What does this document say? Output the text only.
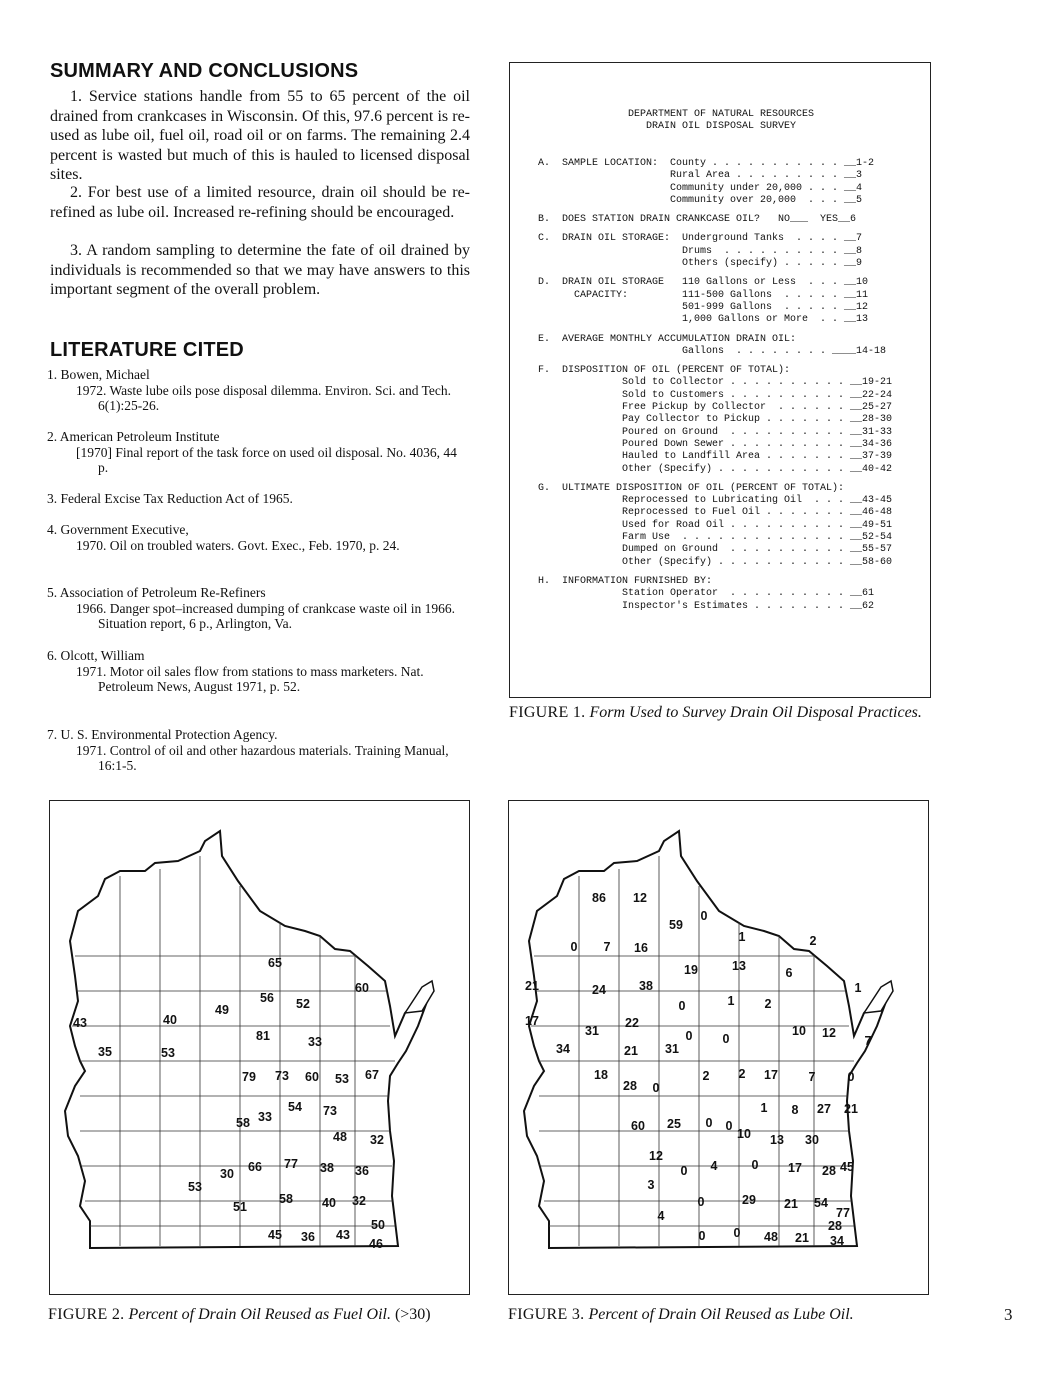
SUMMARY AND CONCLUSIONS

1. Service stations handle from 55 to 65 percent of the oil drained from crankcases in Wisconsin. Of this, 97.6 percent is re-used as lube oil, fuel oil, road oil or on farms. The remaining 2.4 percent is wasted but much of this is hauled to licensed disposal sites.

2. For best use of a limited resource, drain oil should be re-refined as lube oil. Increased re-refining should be encouraged.

3. A random sampling to determine the fate of oil drained by individuals is recommended so that we may have answers to this important segment of the overall problem.

LITERATURE CITED
1. Bowen, Michael
1972. Waste lube oils pose disposal dilemma. Environ. Sci. and Tech. 6(1):25-26.
2. American Petroleum Institute
[1970] Final report of the task force on used oil disposal. No. 4036, 44 p.
3. Federal Excise Tax Reduction Act of 1965.
4. Government Executive,
1970. Oil on troubled waters. Govt. Exec., Feb. 1970, p. 24.
5. Association of Petroleum Re-Refiners
1966. Danger spot–increased dumping of crankcase waste oil in 1966. Situation report, 6 p., Arlington, Va.
6. Olcott, William
1971. Motor oil sales flow from stations to mass marketers. Nat. Petroleum News, August 1971, p. 52.
7. U. S. Environmental Protection Agency.
1971. Control of oil and other hazardous materials. Training Manual, 16:1-5.
DEPARTMENT OF NATURAL RESOURCES
DRAIN OIL DISPOSAL SURVEY
A.  SAMPLE LOCATION:  County . . . . . . . . . . . __1-2
Rural Area . . . . . . . . . __3
Community under 20,000 . . . __4
Community over 20,000  . . . __5

B.  DOES STATION DRAIN CRANKCASE OIL?   NO___  YES__6

C.  DRAIN OIL STORAGE:  Underground Tanks  . . . . __7
Drums  . . . . . . . . . . __8
Others (specify) . . . . . __9

D.  DRAIN OIL STORAGE   110 Gallons or Less  . . . __10
CAPACITY:         111-500 Gallons  . . . . . __11
501-999 Gallons  . . . . . __12
1,000 Gallons or More  . . __13

E.  AVERAGE MONTHLY ACCUMULATION DRAIN OIL:
Gallons  . . . . . . . . ____14-18

F.  DISPOSITION OF OIL (PERCENT OF TOTAL):
Sold to Collector . . . . . . . . . . __19-21
Sold to Customers . . . . . . . . . . __22-24
Free Pickup by Collector  . . . . . . __25-27
Pay Collector to Pickup . . . . . . . __28-30
Poured on Ground  . . . . . . . . . . __31-33
Poured Down Sewer . . . . . . . . . . __34-36
Hauled to Landfill Area . . . . . . . __37-39
Other (Specify) . . . . . . . . . . . __40-42

G.  ULTIMATE DISPOSITION OF OIL (PERCENT OF TOTAL):
Reprocessed to Lubricating Oil  . . . __43-45
Reprocessed to Fuel Oil . . . . . . . __46-48
Used for Road Oil . . . . . . . . . . __49-51
Farm Use  . . . . . . . . . . . . . . __52-54
Dumped on Ground  . . . . . . . . . . __55-57
Other (Specify) . . . . . . . . . . . __58-60

H.  INFORMATION FURNISHED BY:
Station Operator  . . . . . . . . . . __61
Inspector's Estimates . . . . . . . . __62
FIGURE 1. Form Used to Survey Drain Oil Disposal Practices.
65
60
49
56	52
43	40
81
35	53
33
79	73	60	53	67
54	73
58 33
48	32
30	66	77	38	36
53
51
58	40	32
50
45	36	43
46
86	12
59
0
1
0	7	16
19	13	6
2
1
21	24	38
0	1	2
17
31
22
0	0
10	12
34	21	31
7
18
28	0
2	2	17	7	0
60	25	0	0
1	8	27	21
10	13	30
12
0	4	0	17	28 45
3
0	29	21	54
77
4
0	0	48	21
28
34
FIGURE 2. Percent of Drain Oil Reused as Fuel Oil. (>30)	FIGURE 3. Percent of Drain Oil Reused as Lube Oil.	3
